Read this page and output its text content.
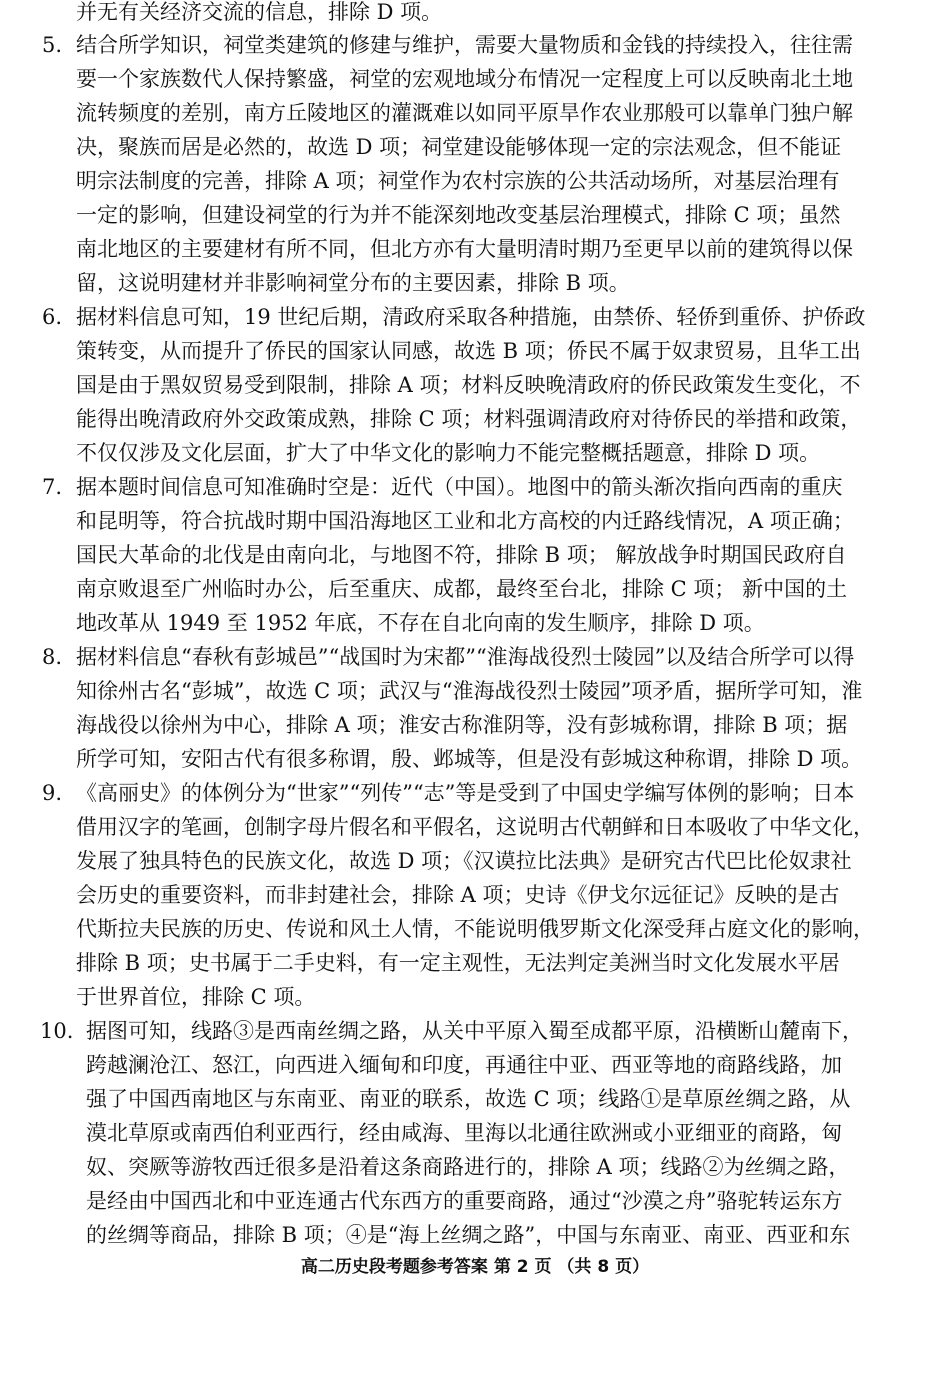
并无有关经济交流的信息，排除 D 项。
5. 结合所学知识，祠堂类建筑的修建与维护，需要大量物质和金钱的持续投入，往往需
要一个家族数代人保持繁盛，祠堂的宏观地域分布情况一定程度上可以反映南北土地
流转频度的差别，南方丘陵地区的灌溉难以如同平原旱作农业那般可以靠单门独户解
决，聚族而居是必然的，故选 D 项；祠堂建设能够体现一定的宗法观念，但不能证
明宗法制度的完善，排除 A 项；祠堂作为农村宗族的公共活动场所，对基层治理有
一定的影响，但建设祠堂的行为并不能深刻地改变基层治理模式，排除 C 项；虽然
南北地区的主要建材有所不同，但北方亦有大量明清时期乃至更早以前的建筑得以保
留，这说明建材并非影响祠堂分布的主要因素，排除 B 项。
6. 据材料信息可知，19 世纪后期，清政府采取各种措施，由禁侨、轻侨到重侨、护侨政
策转变，从而提升了侨民的国家认同感，故选 B 项；侨民不属于奴隶贸易，且华工出
国是由于黑奴贸易受到限制，排除 A 项；材料反映晚清政府的侨民政策发生变化，不
能得出晚清政府外交政策成熟，排除 C 项；材料强调清政府对待侨民的举措和政策，
不仅仅涉及文化层面，扩大了中华文化的影响力不能完整概括题意，排除 D 项。
7. 据本题时间信息可知准确时空是：近代（中国）。地图中的箭头渐次指向西南的重庆
和昆明等，符合抗战时期中国沿海地区工业和北方高校的内迁路线情况，A 项正确；
国民大革命的北伐是由南向北，与地图不符，排除 B 项； 解放战争时期国民政府自
南京败退至广州临时办公，后至重庆、成都，最终至台北，排除 C 项； 新中国的土
地改革从 1949 至 1952 年底，不存在自北向南的发生顺序，排除 D 项。
8. 据材料信息“春秋有彭城邑”“战国时为宋都”“淮海战役烈士陵园”以及结合所学可以得
知徐州古名“彭城”，故选 C 项；武汉与“淮海战役烈士陵园”项矛盾，据所学可知，淮
海战役以徐州为中心，排除 A 项；淮安古称淮阴等，没有彭城称谓，排除 B 项；据
所学可知，安阳古代有很多称谓，殷、邺城等，但是没有彭城这种称谓，排除 D 项。
9. 《高丽史》的体例分为“世家”“列传”“志”等是受到了中国史学编写体例的影响；日本
借用汉字的笔画，创制字母片假名和平假名，这说明古代朝鲜和日本吸收了中华文化，
发展了独具特色的民族文化，故选 D 项；《汉谟拉比法典》是研究古代巴比伦奴隶社
会历史的重要资料，而非封建社会，排除 A 项；史诗《伊戈尔远征记》反映的是古
代斯拉夫民族的历史、传说和风土人情，不能说明俄罗斯文化深受拜占庭文化的影响，
排除 B 项；史书属于二手史料，有一定主观性，无法判定美洲当时文化发展水平居
于世界首位，排除 C 项。
10. 据图可知，线路③是西南丝绸之路，从关中平原入蜀至成都平原，沿横断山麓南下，
跨越澜沧江、怒江，向西进入缅甸和印度，再通往中亚、西亚等地的商路线路，加
强了中国西南地区与东南亚、南亚的联系，故选 C 项；线路①是草原丝绸之路，从
漠北草原或南西伯利亚西行，经由咸海、里海以北通往欧洲或小亚细亚的商路，匈
奴、突厥等游牧西迁很多是沿着这条商路进行的，排除 A 项；线路②为丝绸之路，
是经由中国西北和中亚连通古代东西方的重要商路，通过“沙漠之舟”骆驼转运东方
的丝绸等商品，排除 B 项；④是“海上丝绸之路”，中国与东南亚、南亚、西亚和东
高二历史段考题参考答案 第 2 页 （共 8 页）
